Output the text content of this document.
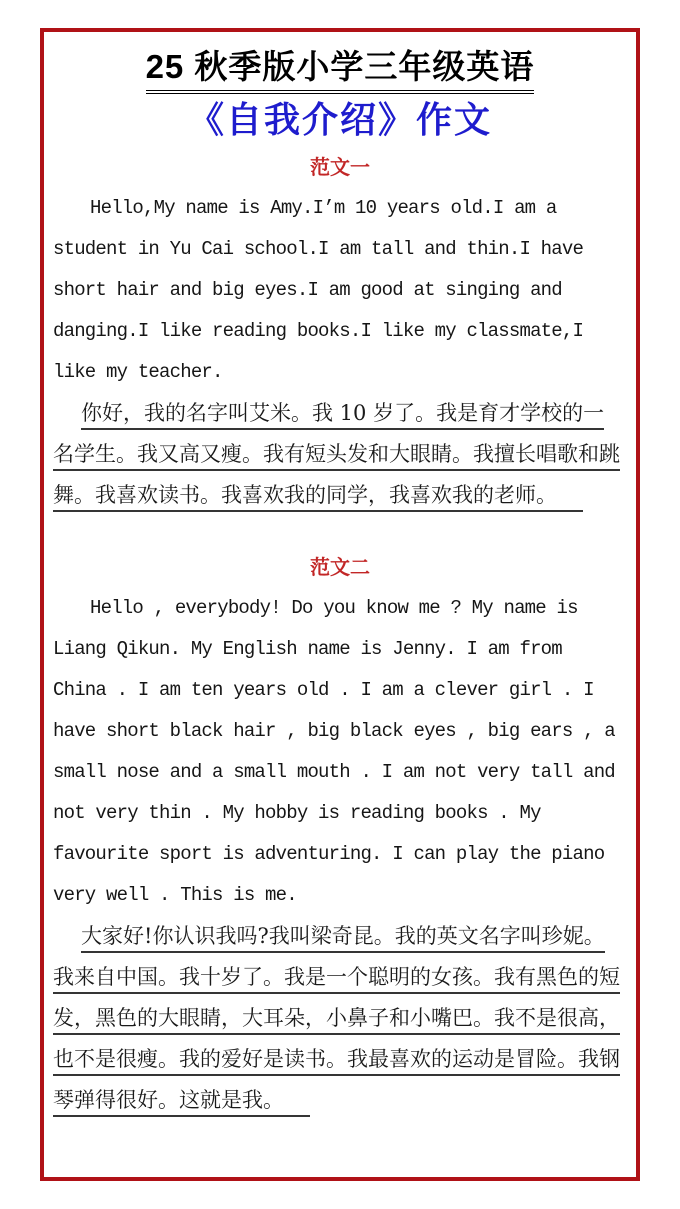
25 秋季版小学三年级英语
《自我介绍》作文
范文一
Hello,My name is Amy.I’m 10 years old.I am a
student in Yu Cai school.I am tall and thin.I have
short hair and big eyes.I am good at singing and
danging.I like reading books.I like my classmate,I
like my teacher.
你好，我的名字叫艾米。我 10 岁了。我是育才学校的一
名学生。我又高又瘦。我有短头发和大眼睛。我擅长唱歌和跳
舞。我喜欢读书。我喜欢我的同学，我喜欢我的老师。
范文二
Hello , everybody! Do you know me ? My name is
Liang Qikun. My English name is Jenny. I am from
China . I am ten years old . I am a clever girl . I
have short black hair , big black eyes , big ears , a
small nose and a small mouth . I am not very tall and
not very thin . My hobby is reading books . My
favourite sport is adventuring. I can play the piano
very well . This is me.
大家好!你认识我吗?我叫梁奇昆。我的英文名字叫珍妮。
我来自中国。我十岁了。我是一个聪明的女孩。我有黑色的短
发，黑色的大眼睛，大耳朵，小鼻子和小嘴巴。我不是很高，
也不是很瘦。我的爱好是读书。我最喜欢的运动是冒险。我钢
琴弹得很好。这就是我。
